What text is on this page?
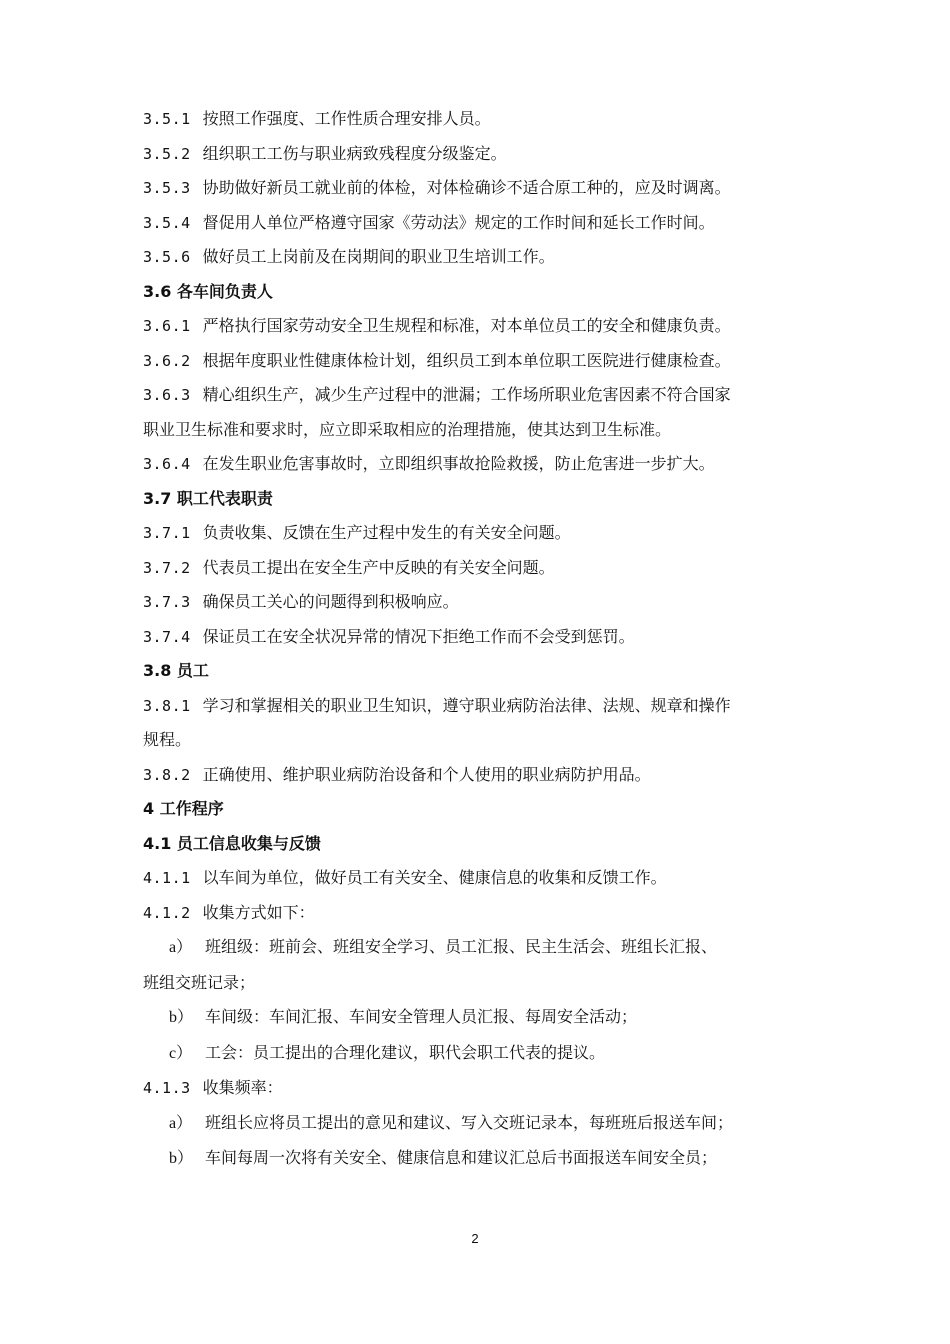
3.5.1 按照工作强度、工作性质合理安排人员。
3.5.2 组织职工工伤与职业病致残程度分级鉴定。
3.5.3 协助做好新员工就业前的体检，对体检确诊不适合原工种的，应及时调离。
3.5.4 督促用人单位严格遵守国家《劳动法》规定的工作时间和延长工作时间。
3.5.6 做好员工上岗前及在岗期间的职业卫生培训工作。
3.6 各车间负责人
3.6.1 严格执行国家劳动安全卫生规程和标准，对本单位员工的安全和健康负责。
3.6.2 根据年度职业性健康体检计划，组织员工到本单位职工医院进行健康检查。
3.6.3 精心组织生产，减少生产过程中的泄漏；工作场所职业危害因素不符合国家
职业卫生标准和要求时，应立即采取相应的治理措施，使其达到卫生标准。
3.6.4 在发生职业危害事故时，立即组织事故抢险救援，防止危害进一步扩大。
3.7 职工代表职责
3.7.1 负责收集、反馈在生产过程中发生的有关安全问题。
3.7.2 代表员工提出在安全生产中反映的有关安全问题。
3.7.3 确保员工关心的问题得到积极响应。
3.7.4 保证员工在安全状况异常的情况下拒绝工作而不会受到惩罚。
3.8 员工
3.8.1 学习和掌握相关的职业卫生知识，遵守职业病防治法律、法规、规章和操作
规程。
3.8.2 正确使用、维护职业病防治设备和个人使用的职业病防护用品。
4 工作程序
4.1 员工信息收集与反馈
4.1.1 以车间为单位，做好员工有关安全、健康信息的收集和反馈工作。
4.1.2 收集方式如下：
a） 班组级：班前会、班组安全学习、员工汇报、民主生活会、班组长汇报、
班组交班记录；
b） 车间级：车间汇报、车间安全管理人员汇报、每周安全活动；
c） 工会：员工提出的合理化建议，职代会职工代表的提议。
4.1.3 收集频率：
a） 班组长应将员工提出的意见和建议、写入交班记录本，每班班后报送车间；
b） 车间每周一次将有关安全、健康信息和建议汇总后书面报送车间安全员；
2
